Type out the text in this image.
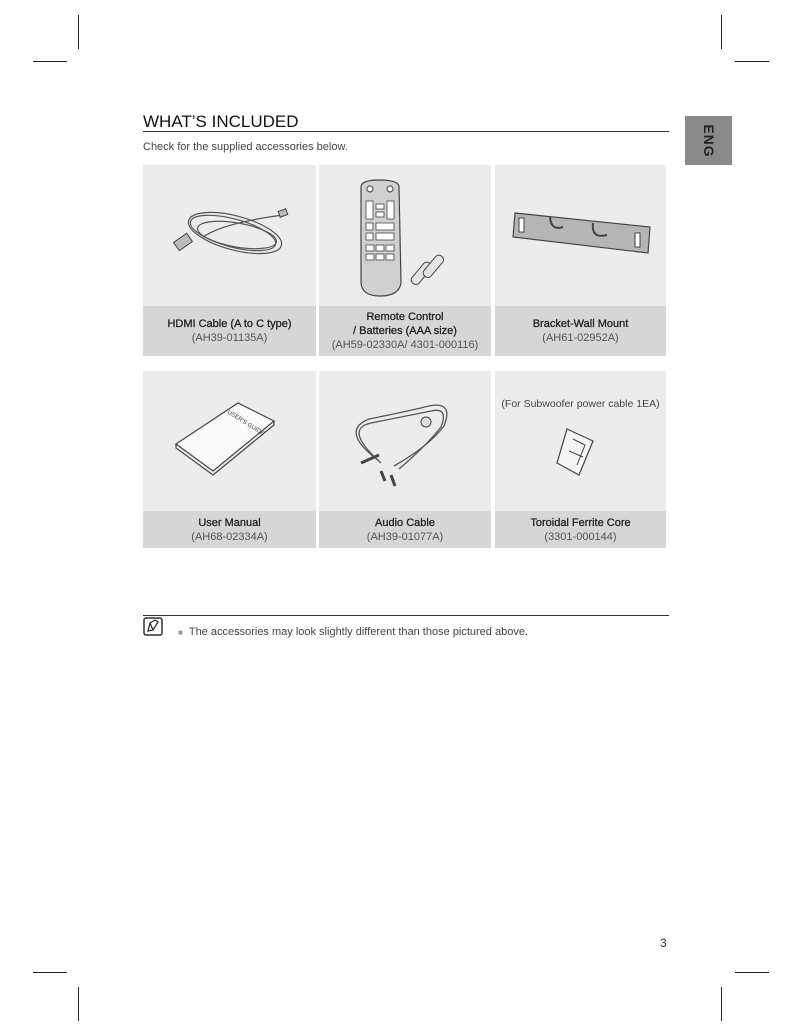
WHAT’S INCLUDED
Check for the supplied accessories below.	ENG
HDMI Cable (A to C type)
(AH39-01135A)
Remote Control
/ Batteries (AAA size)
(AH59-02330A/ 4301-000116)
Bracket-Wall Mount
(AH61-02952A)
USER'S GUIDE
User Manual
(AH68-02334A)
Audio Cable
(AH39-01077A)
(For Subwoofer power cable 1EA)
Toroidal Ferrite Core
(3301-000144)
■ The accessories may look slightly different than those pictured above.
3
